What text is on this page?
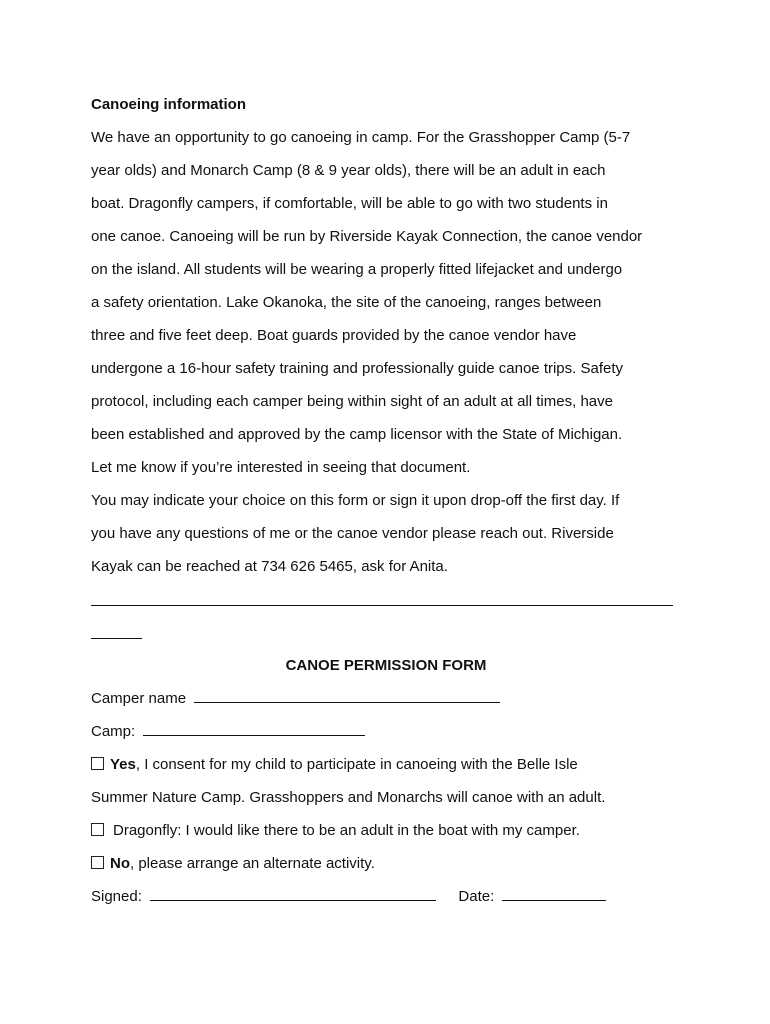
Canoeing information
We have an opportunity to go canoeing in camp. For the Grasshopper Camp (5-7
year olds) and Monarch Camp (8 & 9 year olds), there will be an adult in each
boat. Dragonfly campers, if comfortable, will be able to go with two students in
one canoe. Canoeing will be run by Riverside Kayak Connection, the canoe vendor
on the island. All students will be wearing a properly fitted lifejacket and undergo
a safety orientation. Lake Okanoka, the site of the canoeing, ranges between
three and five feet deep. Boat guards provided by the canoe vendor have
undergone a 16-hour safety training and professionally guide canoe trips. Safety
protocol, including each camper being within sight of an adult at all times, have
been established and approved by the camp licensor with the State of Michigan.
Let me know if you’re interested in seeing that document.
You may indicate your choice on this form or sign it upon drop-off the first day. If
you have any questions of me or the canoe vendor please reach out. Riverside
Kayak can be reached at 734 626 5465, ask for Anita.
CANOE PERMISSION FORM
Camper name
Camp:
Yes, I consent for my child to participate in canoeing with the Belle Isle
Summer Nature Camp. Grasshoppers and Monarchs will canoe with an adult.
Dragonfly: I would like there to be an adult in the boat with my camper.
No, please arrange an alternate activity.
Signed:	Date:
